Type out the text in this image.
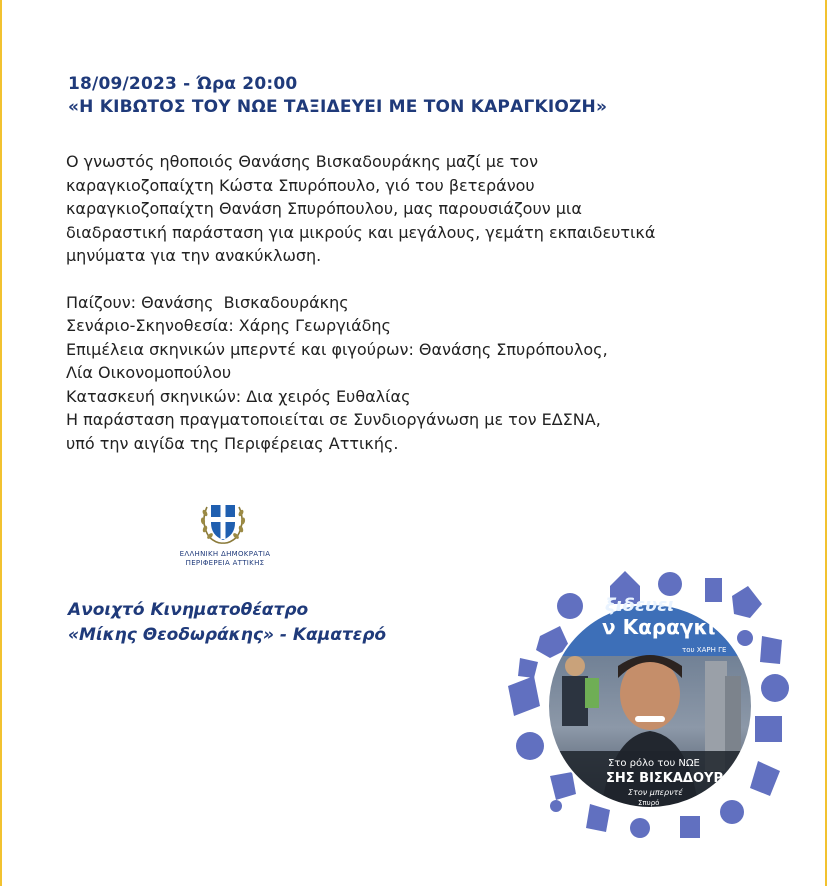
18/09/2023 - Ώρα 20:00
«Η ΚΙΒΩΤΟΣ ΤΟΥ ΝΩΕ ΤΑΞΙΔΕΥΕΙ ΜΕ ΤΟΝ ΚΑΡΑΓΚΙΟΖΗ»

Ο γνωστός ηθοποιός Θανάσης Βισκαδουράκης μαζί με τον

καραγκιοζοπαίχτη Κώστα Σπυρόπουλο, γιό του βετεράνου

καραγκιοζοπαίχτη Θανάση Σπυρόπουλου, μας παρουσιάζουν μια

διαδραστική παράσταση για μικρούς και μεγάλους, γεμάτη εκπαιδευτικά

μηνύματα για την ανακύκλωση.

Παίζουν: Θανάσης  Βισκαδουράκης

Σενάριο-Σκηνοθεσία: Χάρης Γεωργιάδης

Επιμέλεια σκηνικών μπερντέ και φιγούρων: Θανάσης Σπυρόπουλος,

Λία Οικονομοπούλου

Κατασκευή σκηνικών: Δια χειρός Ευθαλίας

Η παράσταση πραγματοποιείται σε Συνδιοργάνωση με τον ΕΔΣΝΑ,

υπό την αιγίδα της Περιφέρειας Αττικής.

ΕΛΛΗΝΙΚΗ ΔΗΜΟΚΡΑΤΙΑ
ΠΕΡΙΦΕΡΕΙΑ ΑΤΤΙΚΗΣ
Ανοιχτό Κινηματοθέατρο
«Μίκης Θεοδωράκης» - Καματερό
ξιδευει
ν Καραγκι
του ΧΑΡΗ ΓΕ
Στο ρόλο του ΝΩΕ
ΣΗΣ ΒΙΣΚΑΔΟΥΡ
Στον μπερντέ
Σπυρό
